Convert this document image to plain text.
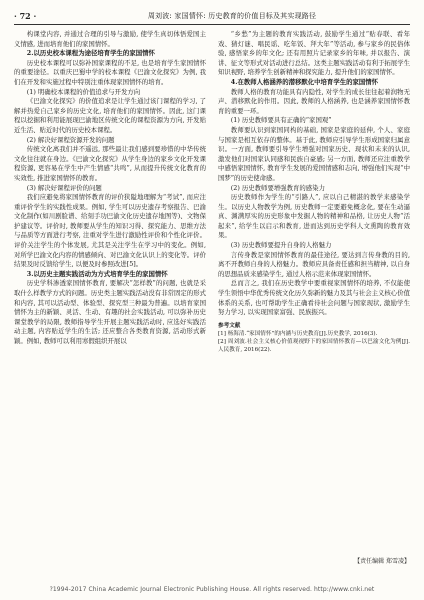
· 72 ·	周刘波: 家国情怀: 历史教育的价值目标及其实现路径

构课堂内容, 并通过合理的引导与激励, 使学生真切体悟爱国主义情感, 进而培育他们的家国情怀。

2.以历史校本课程为途径培育学生的家国情怀

历史校本课程可以弥补国家课程的不足, 也是培育学生家国情怀的重要途径。以重庆巴蜀中学的校本课程《巴渝文化探究》为例, 我们在开发和实施过程中特别注重体现家国情怀的培育。

(1) 明确校本课程的价值追求与开发方向

《巴渝文化探究》的价值追求是让学生通过该门课程的学习, 了解并热爱自己家乡的历史文化, 培育他们的家国情怀。因此, 这门课程以挖掘和利用能展现巴渝地区传统文化的课程资源为方向, 开发贴近生活、贴近时代的历史校本课程。

(2) 解决好课程资源开发的问题

传统文化离我们并不遥远, 那些最让我们感到要珍惜的中华传统文化往往就在身边。《巴渝文化探究》从学生身边的家乡文化开发课程资源, 更容易在学生中产生情感“共鸣”, 从而提升传统文化教育的实效性, 推进家国情怀的教育。

(3) 解决好课程评价的问题

我们应避免将家国情怀教育的评价狭隘地理解为“考试”, 而应注重评价学生的实践性成果。例如, 学生可以历史遗存考察报告、巴渝文化制作(如川剧脸谱、给刻手功巴渝文化历史遗存地图等)、文物保护建议等。评价时, 教师要从学生的知识习得、探究能力、思维方法与品质等方面进行考察, 注重对学生进行激励性评价和个性化评价。评价关注学生的个体发展, 尤其是关注学生在学习中的变化。例如, 对所学巴渝文化内容的情感倾向、对巴渝文化认识上的变化等。评价结果及时反馈给学生, 以便及时参照改进[5]。

3.以历史主题实践活动为方式培育学生的家国情怀

历史学科渗透家国情怀教育, 要解决“怎样教”的问题, 也就是采取什么样教学方式的问题。历史类主题实践活动没有非常固定的形式和内容, 其可以活动型、体验型、探究型三种最为普遍。以培育家国情怀为主的新颖、灵活、生动、有趣的社会实践活动, 可以弥补历史课堂教学的局限, 教师指导学生开展主题实践活动时, 应选好实践活动主题, 内容贴近学生的生活; 还应整合各类教育资源, 活动形式新颖。例如, 教师可以利用寒假组织开展以

“乡愁”为主题的教育实践活动, 鼓励学生通过“贴春联、看年戏、猜灯谜、唱民谣、吃年饭、拜大年”等活动, 参与家乡的民俗体验, 感悟家乡的年文化; 还有用照片记录家乡的年味, 并以报告、演讲、征文等形式对活动进行总结。这类主题实践活动有利于拓展学生知识视野, 培养学生创新精神和探究能力, 提升他们的家国情怀。

4.在教师人格涵养的潜移默化中培育学生的家国情怀

教师人格的教育功能具有内隐性, 对学生的成长往往起着润物无声、潜移默化的作用。因此, 教师的人格涵养, 也是涵养家国情怀教育的重要一环。

(1) 历史教师要具有正确的“家国观”

教师要认识到家国同构的基础, 国家是家庭的延伸, 个人、家庭与国家是相互依存的整体。基于此, 教师应引导学生形成国家归属意识。一方面, 教师要引导学生增强对国家历史、现状和未来的认识, 激发他们对国家认同感和民族自豪感; 另一方面, 教师还应注重教学中感悟家国情怀, 教育学生发展的爱国情感和志向, 增强他们实现“中国梦”的历史使命感。

(2) 历史教师要增强教育的感染力

历史教师作为学生的“引路人”, 应以自己精湛的教学来感染学生。以历史人物教学为例, 历史教师一定要避免概念化, 要在生动逼真、渊满厚实的历史形象中发掘人物的精神和品格, 让历史人物“活起来”, 给学生以启示和教育, 进而达到历史学科人文熏陶的教育效果。

(3) 历史教师要提升自身的人格魅力

言传身教是家国情怀教育的最佳途径, 要达到言传身教的目的, 离不开教师自身的人格魅力。教师应具备责任感和担当精神, 以自身的思想品质来感染学生, 通过人格示范来体现家国情怀。

总而言之, 我们在历史教学中要重视家国情怀的培养, 不仅能使学生领悟中华优秀传统文化历久弥新的魅力及其与社会主义核心价值体系的关系, 也可帮助学生正确看待社会问题与国家现状, 激励学生努力学习, 以实现国家富强、民族振兴。

参考文献

[1] 杨海清.“家国情怀”的内涵与历史教育[J].历史教学, 2016(3).

[2] 周刘波.社会主义核心价值观视野下的家国情怀教育—以巴渝文化为例[J].人民教育, 2016(22).

【责任编辑 郑雪凌】
?1994-2017 China Academic Journal Electronic Publishing House. All rights reserved. http://www.cnki.net
